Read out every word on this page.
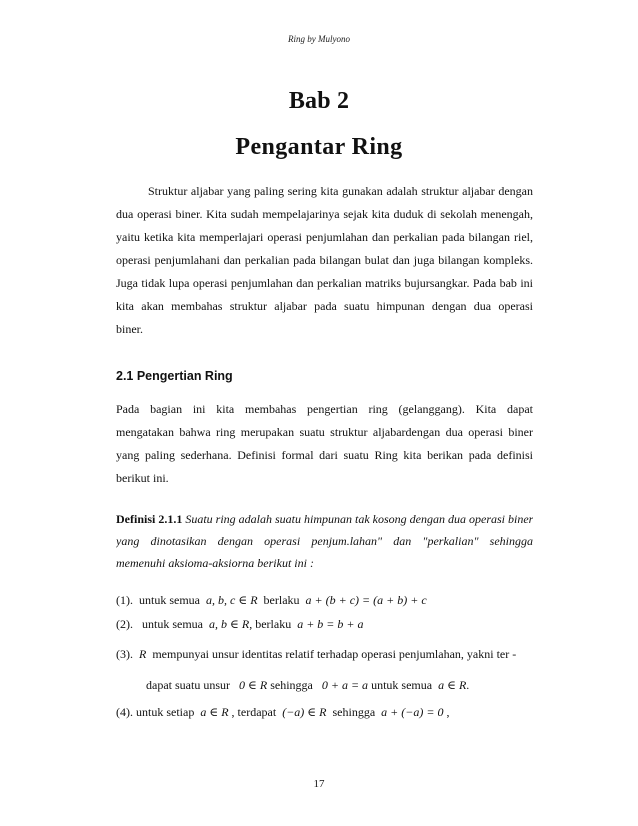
Ring by Mulyono
Bab 2
Pengantar Ring
Struktur aljabar yang paling sering kita gunakan adalah struktur aljabar dengan
dua operasi biner. Kita sudah mempelajarinya sejak kita duduk di sekolah menengah,
yaitu ketika kita memperlajari operasi penjumlahan dan perkalian pada bilangan riel,
operasi penjumlahani dan perkalian pada bilangan bulat dan juga bilangan kompleks.
Juga tidak lupa operasi penjumlahan dan perkalian matriks bujursangkar. Pada bab ini
kita akan membahas struktur aljabar pada suatu himpunan dengan dua operasi
biner.
2.1 Pengertian Ring
Pada bagian ini kita membahas pengertian ring (gelanggang). Kita dapat
mengatakan bahwa ring merupakan suatu struktur aljabardengan dua operasi biner
yang paling sederhana. Definisi formal dari suatu Ring kita berikan pada definisi
berikut ini.
Definisi 2.1.1 Suatu ring adalah suatu himpunan tak kosong dengan dua operasi biner
yang dinotasikan dengan operasi penjum.lahan" dan "perkalian" sehingga
memenuhi aksioma-aksiorna berikut ini :
(1). untuk semua a, b, c ∈ R berlaku a + (b + c) = (a + b) + c
(2). untuk semua a, b ∈ R, berlaku a + b = b + a
(3). R mempunyai unsur identitas relatif terhadap operasi penjumlahan, yakni ter -
dapat suatu unsur 0 ∈ R sehingga 0 + a = a untuk semua a ∈ R.
(4). untuk setiap a ∈ R , terdapat (−a) ∈ R sehingga a + (−a) = 0 ,
17
